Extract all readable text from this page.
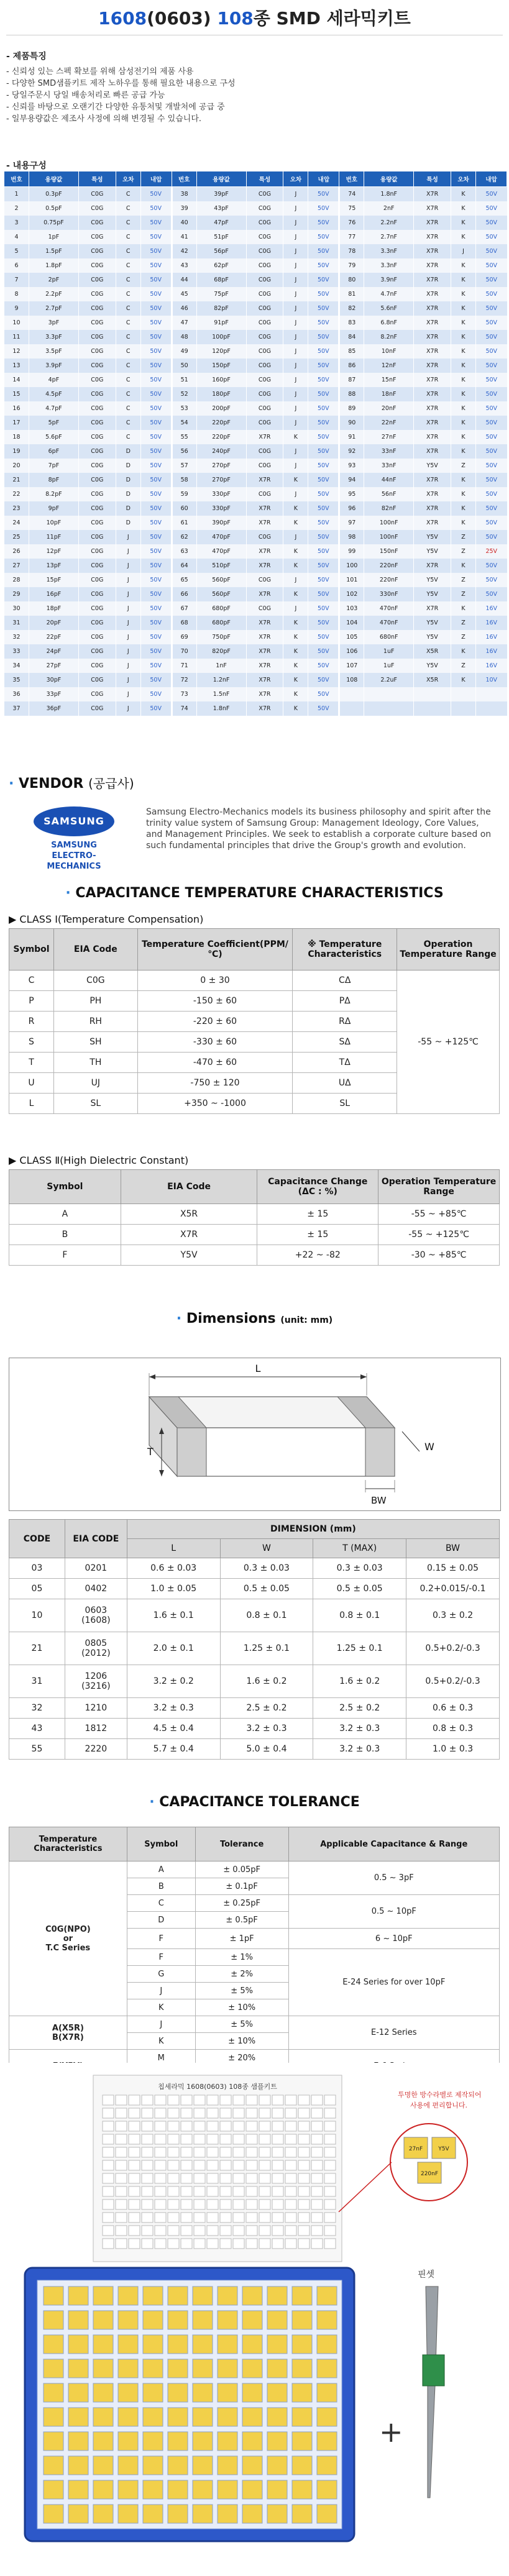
1608(0603) 108종 SMD 세라믹키트
- 제품특징
- 신뢰성 있는 스펙 확보를 위해 삼성전기의 제품 사용
- 다양한 SMD샘플키트 제작 노하우를 통해 필요한 내용으로 구성
- 당일주문시 당일 배송처리로 빠른 공급 가능
- 신뢰를 바탕으로 오랜기간 다양한 유통처및 개발처에 공급 중
- 일부용량값은 제조사 사정에 의해 변경될 수 있습니다.
- 내용구성
번호	용량값	특성	오차	내압	번호	용량값	특성	오차	내압	번호	용량값	특성	오차	내압
1	0.3pF	C0G	C	50V	38	39pF	C0G	J	50V	74	1.8nF	X7R	K	50V
2	0.5pF	C0G	C	50V	39	43pF	C0G	J	50V	75	2nF	X7R	K	50V
3	0.75pF	C0G	C	50V	40	47pF	C0G	J	50V	76	2.2nF	X7R	K	50V
4	1pF	C0G	C	50V	41	51pF	C0G	J	50V	77	2.7nF	X7R	K	50V
5	1.5pF	C0G	C	50V	42	56pF	C0G	J	50V	78	3.3nF	X7R	J	50V
6	1.8pF	C0G	C	50V	43	62pF	C0G	J	50V	79	3.3nF	X7R	K	50V
7	2pF	C0G	C	50V	44	68pF	C0G	J	50V	80	3.9nF	X7R	K	50V
8	2.2pF	C0G	C	50V	45	75pF	C0G	J	50V	81	4.7nF	X7R	K	50V
9	2.7pF	C0G	C	50V	46	82pF	C0G	J	50V	82	5.6nF	X7R	K	50V
10	3pF	C0G	C	50V	47	91pF	C0G	J	50V	83	6.8nF	X7R	K	50V
11	3.3pF	C0G	C	50V	48	100pF	C0G	J	50V	84	8.2nF	X7R	K	50V
12	3.5pF	C0G	C	50V	49	120pF	C0G	J	50V	85	10nF	X7R	K	50V
13	3.9pF	C0G	C	50V	50	150pF	C0G	J	50V	86	12nF	X7R	K	50V
14	4pF	C0G	C	50V	51	160pF	C0G	J	50V	87	15nF	X7R	K	50V
15	4.5pF	C0G	C	50V	52	180pF	C0G	J	50V	88	18nF	X7R	K	50V
16	4.7pF	C0G	C	50V	53	200pF	C0G	J	50V	89	20nF	X7R	K	50V
17	5pF	C0G	C	50V	54	220pF	C0G	J	50V	90	22nF	X7R	K	50V
18	5.6pF	C0G	C	50V	55	220pF	X7R	K	50V	91	27nF	X7R	K	50V
19	6pF	C0G	D	50V	56	240pF	C0G	J	50V	92	33nF	X7R	K	50V
20	7pF	C0G	D	50V	57	270pF	C0G	J	50V	93	33nF	Y5V	Z	50V
21	8pF	C0G	D	50V	58	270pF	X7R	K	50V	94	44nF	X7R	K	50V
22	8.2pF	C0G	D	50V	59	330pF	C0G	J	50V	95	56nF	X7R	K	50V
23	9pF	C0G	D	50V	60	330pF	X7R	K	50V	96	82nF	X7R	K	50V
24	10pF	C0G	D	50V	61	390pF	X7R	K	50V	97	100nF	X7R	K	50V
25	11pF	C0G	J	50V	62	470pF	C0G	J	50V	98	100nF	Y5V	Z	50V
26	12pF	C0G	J	50V	63	470pF	X7R	K	50V	99	150nF	Y5V	Z	25V
27	13pF	C0G	J	50V	64	510pF	X7R	K	50V	100	220nF	X7R	K	50V
28	15pF	C0G	J	50V	65	560pF	C0G	J	50V	101	220nF	Y5V	Z	50V
29	16pF	C0G	J	50V	66	560pF	X7R	K	50V	102	330nF	Y5V	Z	50V
30	18pF	C0G	J	50V	67	680pF	C0G	J	50V	103	470nF	X7R	K	16V
31	20pF	C0G	J	50V	68	680pF	X7R	K	50V	104	470nF	Y5V	Z	16V
32	22pF	C0G	J	50V	69	750pF	X7R	K	50V	105	680nF	Y5V	Z	16V
33	24pF	C0G	J	50V	70	820pF	X7R	K	50V	106	1uF	X5R	K	16V
34	27pF	C0G	J	50V	71	1nF	X7R	K	50V	107	1uF	Y5V	Z	16V
35	30pF	C0G	J	50V	72	1.2nF	X7R	K	50V	108	2.2uF	X5R	K	10V
36	33pF	C0G	J	50V	73	1.5nF	X7R	K	50V					
37	36pF	C0G	J	50V	74	1.8nF	X7R	K	50V					
· VENDOR (공급사)
SAMSUNG
SAMSUNG
ELECTRO-MECHANICS
Samsung Electro-Mechanics models its business philosophy and spirit after the trinity value system of Samsung Group: Management Ideology, Core Values, and Management Principles. We seek to establish a corporate culture based on such fundamental principles that drive the Group's growth and evolution.
· CAPACITANCE TEMPERATURE CHARACTERISTICS
▶ CLASS Ⅰ(Temperature Compensation)
Symbol	EIA Code	Temperature Coefficient(PPM/℃)	※ Temperature Characteristics	Operation Temperature Range
C	C0G	0 ± 30	CΔ	-55 ~ +125℃
P	PH	-150 ± 60	PΔ	
R	RH	-220 ± 60	RΔ	
S	SH	-330 ± 60	SΔ	
T	TH	-470 ± 60	TΔ	
U	UJ	-750 ± 120	UΔ	
L	SL	+350 ~ -1000	SL	
▶ CLASS Ⅱ(High Dielectric Constant)
Symbol	EIA Code	Capacitance Change (ΔC : %)	Operation Temperature Range
A	X5R	± 15	-55 ~ +85℃
B	X7R	± 15	-55 ~ +125℃
F	Y5V	+22 ~ -82	-30 ~ +85℃
· Dimensions (unit: mm)
L
W
T
BW
CODE	EIA CODE	DIMENSION (mm)			
		L	W	T (MAX)	BW
03	0201	0.6 ± 0.03	0.3 ± 0.03	0.3 ± 0.03	0.15 ± 0.05
05	0402	1.0 ± 0.05	0.5 ± 0.05	0.5 ± 0.05	0.2+0.015/-0.1
10	0603
(1608)	1.6 ± 0.1	0.8 ± 0.1	0.8 ± 0.1	0.3 ± 0.2
21	0805
(2012)	2.0 ± 0.1	1.25 ± 0.1	1.25 ± 0.1	0.5+0.2/-0.3
31	1206
(3216)	3.2 ± 0.2	1.6 ± 0.2	1.6 ± 0.2	0.5+0.2/-0.3
32	1210	3.2 ± 0.3	2.5 ± 0.2	2.5 ± 0.2	0.6 ± 0.3
43	1812	4.5 ± 0.4	3.2 ± 0.3	3.2 ± 0.3	0.8 ± 0.3
55	2220	5.7 ± 0.4	5.0 ± 0.4	3.2 ± 0.3	1.0 ± 0.3
· CAPACITANCE TOLERANCE
Temperature Characteristics	Symbol	Tolerance	Applicable Capacitance & Range
C0G(NPO)
or
T.C Series	A	± 0.05pF	0.5 ~ 3pF
	B	± 0.1pF	
	C	± 0.25pF	0.5 ~ 10pF
	D	± 0.5pF	
	F	± 1pF	6 ~ 10pF
	F	± 1%	E-24 Series for over 10pF
	G	± 2%	
	J	± 5%	
	K	± 10%	
A(X5R)
B(X7R)	J	± 5%	E-12 Series
	K	± 10%	
	M	± 20%	

칩세라믹 1608(0603) 108종 샘플키트
+
핀셋
투명한 방수라벨로 제작되어
사용에 편리합니다.
27nF	Y5V
220nF
